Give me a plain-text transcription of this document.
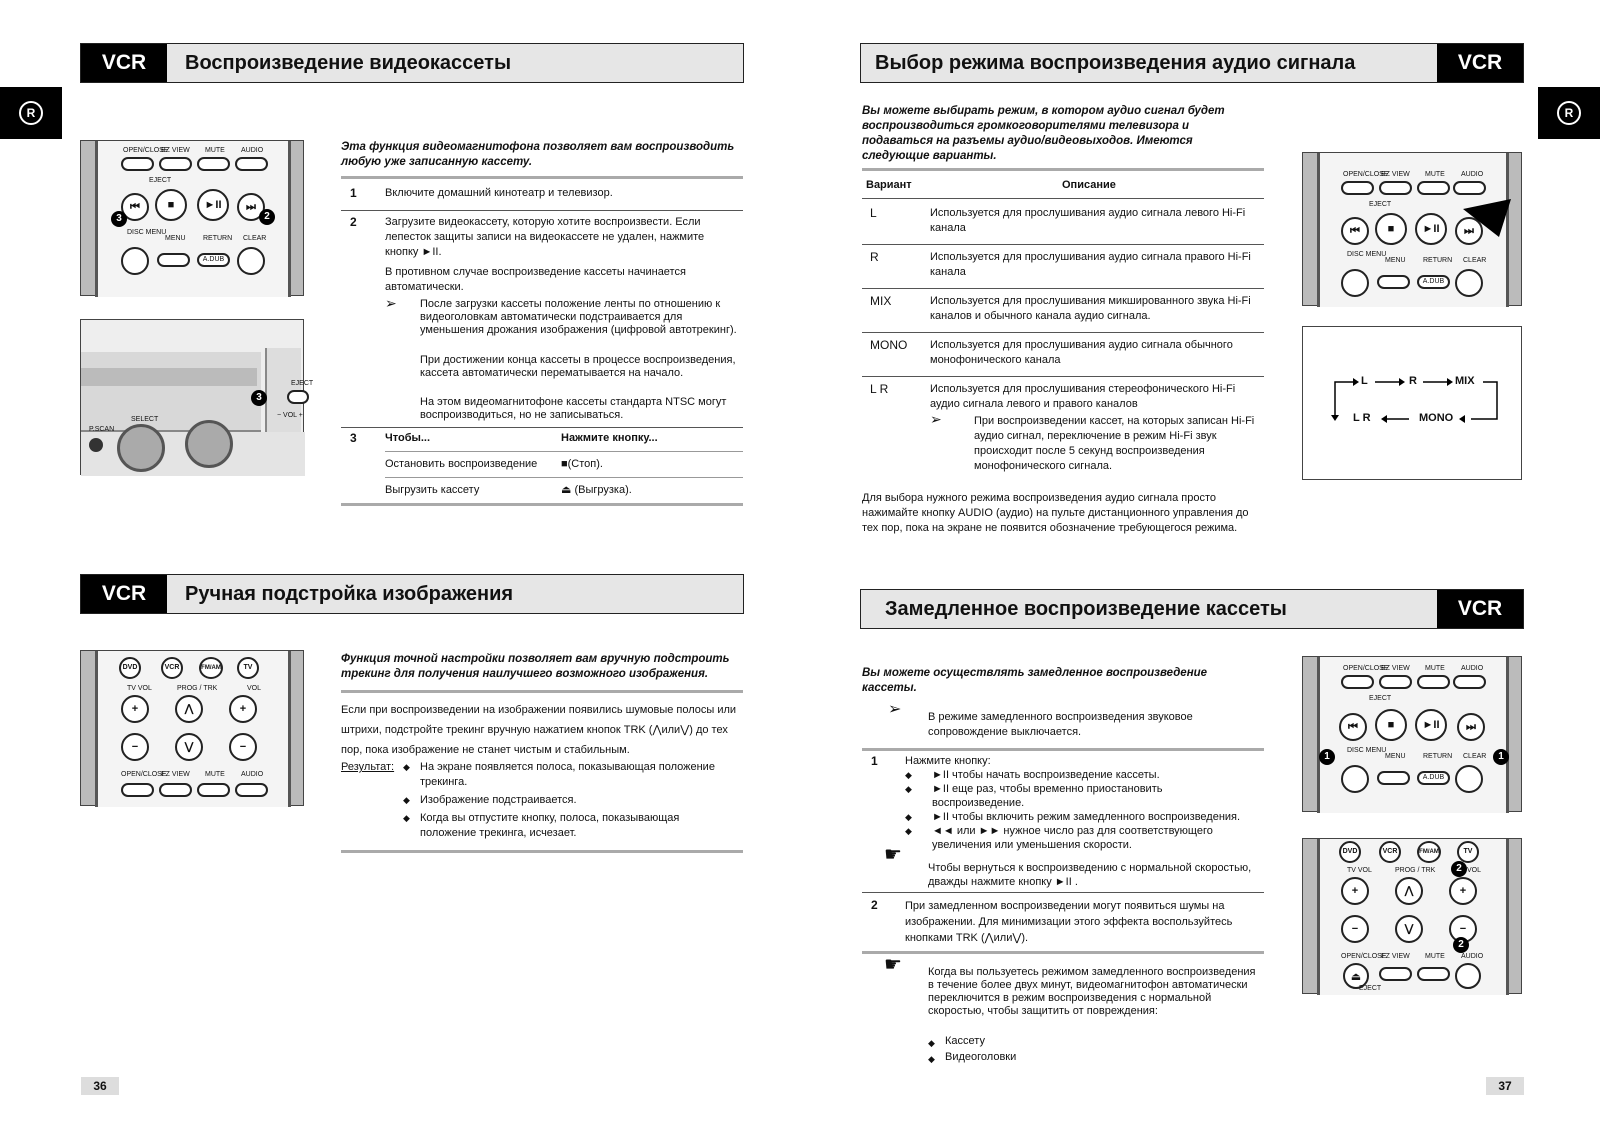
R
VCR	Воспроизведение видеокассеты
OPEN/CLOSE
EZ VIEW MUTE AUDIO
EJECT
⏮	■	►II	⏭
DISC MENU
MENU RETURN CLEAR
A.DUB
3	2
EJECT
P.SCAN
SELECT
− VOL +
3
Эта функция видеомагнитофона позволяет вам воспроизводить любую уже записанную кассету.
1	Включите домашний кинотеатр и телевизор.
2	Загрузите видеокассету, которую хотите воспроизвести. Если лепесток защиты записи на видеокассете не удален, нажмите кнопку ►II.
В противном случае воспроизведение кассеты начинается автоматически.
➢ После загрузки кассеты положение ленты по отношению к видеоголовкам автоматически подстраивается для уменьшения дрожания изображения (цифровой автотрекинг).
При достижении конца кассеты в процессе воспроизведения, кассета автоматически перематывается на начало.
На этом видеомагнитофоне кассеты стандарта NTSC могут воспроизводиться, но не записываться.
3	Чтобы...	Нажмите кнопку...
Остановить воспроизведение ■(Стоп).
Выгрузить кассету	⏏ (Выгрузка).
VCR	Ручная подстройка изображения
DVD	VCR	FM/AM	TV
TV VOL	PROG / TRK	VOL
+	⋀	+
−	⋁	−
OPEN/CLOSE
EZ VIEW MUTE AUDIO
Функция точной настройки позволяет вам вручную подстроить трекинг для получения наилучшего возможного изображения.
Если при воспроизведении на изображении появились шумовые полосы или штрихи, подстройте трекинг вручную нажатием кнопок TRK (⋀или⋁) до тех пор, пока изображение не станет чистым и стабильным.
Результат: ◆ На экране появляется полоса, показывающая положение трекинга.
◆ Изображение подстраивается.
◆ Когда вы отпустите кнопку, полоса, показывающая положение трекинга, исчезает.
36
R
Выбор режима воспроизведения аудио сигнала	VCR
Вы можете выбирать режим, в котором аудио сигнал будет воспроизводиться громкоговорителями телевизора и подаваться на разъемы аудио/видеовыходов. Имеются следующие варианты.
Вариант	Описание
L	Используется для прослушивания аудио сигнала левого Hi-Fi канала
R	Используется для прослушивания аудио сигнала правого Hi-Fi канала
MIX	Используется для прослушивания микшированного звука Hi-Fi каналов и обычного канала аудио сигнала.
MONO Используется для прослушивания аудио сигнала обычного монофонического канала
L R	Используется для прослушивания стереофонического Hi-Fi аудио сигнала левого и правого каналов
➢	При воспроизведении кассет, на которых записан Hi-Fi аудио сигнал, переключение в режим Hi-Fi звук происходит после 5 секунд воспроизведения монофонического сигнала.
Для выбора нужного режима воспроизведения аудио сигнала просто нажимайте кнопку AUDIO (аудио) на пульте дистанционного управления до тех пор, пока на экране не появится обозначение требующегося режима.
OPEN/CLOSE
EZ VIEW MUTE AUDIO
EJECT
⏮	■	►II	⏭
DISC MENU
MENU RETURN CLEAR
A.DUB
L	R	MIX
L R	MONO
Замедленное воспроизведение кассеты	VCR
Вы можете осуществлять замедленное воспроизведение кассеты.
➢ В режиме замедленного воспроизведения звуковое сопровождение выключается.
1 Нажмите кнопку:
◆ ►II чтобы начать воспроизведение кассеты.
◆ ►II еще раз, чтобы временно приостановить воспроизведение.
◆ ►II чтобы включить режим замедленного воспроизведения.
◆ ◄◄ или ►► нужное число раз для соответствующего увеличения или уменьшения скорости.
☛
Чтобы вернуться к воспроизведению с нормальной скоростью, дважды нажмите кнопку ►II .
2 При замедленном воспроизведении могут появиться шумы на изображении. Для минимизации этого эффекта воспользуйтесь кнопками TRK (⋀или⋁).
☛ Когда вы пользуетесь режимом замедленного воспроизведения в течение более двух минут, видеомагнитофон автоматически переключится в режим воспроизведения с нормальной скоростью, чтобы защитить от повреждения:
◆ Кассету
◆ Видеоголовки
OPEN/CLOSE
EZ VIEW MUTE AUDIO
EJECT
⏮	■	►II	⏭
DISC MENU
MENU RETURN CLEAR
A.DUB
1	1
DVD	VCR	FM/AM	TV
TV VOL	PROG / TRK	VOL
+	⋀	+
−	⋁	−
OPEN/CLOSE
EZ VIEW MUTE AUDIO
⏏
EJECT
2
2
37
